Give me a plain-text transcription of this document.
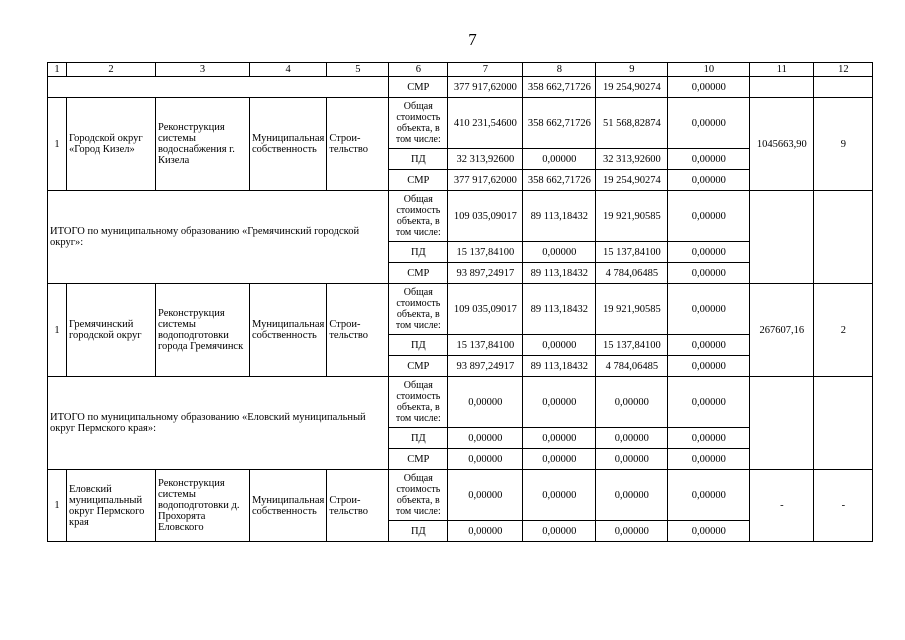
7
1	2	3	4	5	6	7	8	9	10	11	12
					СМР	377 917,62000	358 662,71726	19 254,90274	0,00000		
1	Городской округ «Город Кизел»	Реконструкция системы водоснабжения г. Кизела	Муниципальная собственность	Строи-тельство	Общая стоимость объекта, в том числе:	410 231,54600	358 662,71726	51 568,82874	0,00000	1045663,90	9
					ПД	32 313,92600	0,00000	32 313,92600	0,00000		
					СМР	377 917,62000	358 662,71726	19 254,90274	0,00000		
ИТОГО по муниципальному образованию «Гремячинский городской округ»:					Общая стоимость объекта, в том числе:	109 035,09017	89 113,18432	19 921,90585	0,00000		
					ПД	15 137,84100	0,00000	15 137,84100	0,00000		
					СМР	93 897,24917	89 113,18432	4 784,06485	0,00000		
1	Гремячинский городской округ	Реконструкция системы водоподготовки города Гремячинск	Муниципальная собственность	Строи-тельство	Общая стоимость объекта, в том числе:	109 035,09017	89 113,18432	19 921,90585	0,00000	267607,16	2
					ПД	15 137,84100	0,00000	15 137,84100	0,00000		
					СМР	93 897,24917	89 113,18432	4 784,06485	0,00000		
ИТОГО по муниципальному образованию «Еловский муниципальный округ Пермского края»:					Общая стоимость объекта, в том числе:	0,00000	0,00000	0,00000	0,00000		
					ПД	0,00000	0,00000	0,00000	0,00000		
					СМР	0,00000	0,00000	0,00000	0,00000		
1	Еловский муниципальный округ Пермского края	Реконструкция системы водоподготовки д. Прохорята Еловского	Муниципальная собственность	Строи-тельство	Общая стоимость объекта, в том числе:	0,00000	0,00000	0,00000	0,00000	-	-
					ПД	0,00000	0,00000	0,00000	0,00000		
